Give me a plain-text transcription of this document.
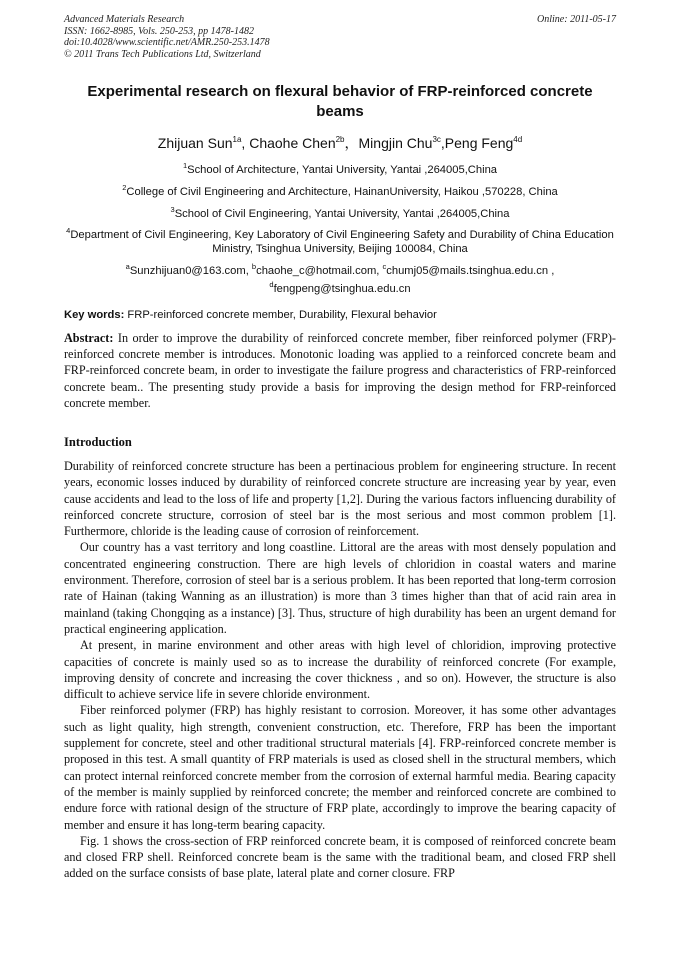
Advanced Materials Research
ISSN: 1662-8985, Vols. 250-253, pp 1478-1482
doi:10.4028/www.scientific.net/AMR.250-253.1478
© 2011 Trans Tech Publications Ltd, Switzerland
Online: 2011-05-17
Experimental research on flexural behavior of FRP-reinforced concrete beams
Zhijuan Sun$^{1a}$, Chaohe Chen$^{2b}$，Mingjin Chu$^{3c}$,Peng Feng$^{4d}$
$^1$School of Architecture, Yantai University, Yantai ,264005,China
$^2$College of Civil Engineering and Architecture, HainanUniversity, Haikou ,570228, China
$^3$School of Civil Engineering, Yantai University, Yantai ,264005,China
$^4$Department of Civil Engineering, Key Laboratory of Civil Engineering Safety and Durability of China Education Ministry, Tsinghua University, Beijing 100084, China
$^a$Sunzhijuan0@163.com, $^b$chaohe_c@hotmail.com, $^c$chumj05@mails.tsinghua.edu.cn ,
$^d$fengpeng@tsinghua.edu.cn
Key words: FRP-reinforced concrete member, Durability, Flexural behavior
Abstract: In order to improve the durability of reinforced concrete member, fiber reinforced polymer (FRP)-reinforced concrete member is introduces. Monotonic loading was applied to a reinforced concrete beam and FRP-reinforced concrete beam, in order to investigate the failure progress and characteristics of FRP-reinforced concrete beam.. The presenting study provide a basis for improving the design method for FRP-reinforced concrete member.
Introduction

Durability of reinforced concrete structure has been a pertinacious problem for engineering structure. In recent years, economic losses induced by durability of reinforced concrete structure are increasing year by year, even cause accidents and lead to the loss of life and property [1,2]. During the various factors influencing durability of reinforced concrete structure, corrosion of steel bar is the most serious and most common problem [1]. Furthermore, chloride is the leading cause of corrosion of reinforcement.

Our country has a vast territory and long coastline. Littoral are the areas with most densely population and concentrated engineering construction. There are high levels of chloridion in coastal waters and marine environment. Therefore, corrosion of steel bar is a serious problem. It has been reported that long-term corrosion rate of Hainan (taking Wanning as an illustration) is more than 3 times higher than that of acid rain area in mainland (taking Chongqing as a instance) [3]. Thus, structure of high durability has been an urgent demand for practical engineering application.

At present, in marine environment and other areas with high level of chloridion, improving protective capacities of concrete is mainly used so as to increase the durability of reinforced concrete (For example, improving density of concrete and increasing the cover thickness , and so on). However, the structure is also difficult to achieve service life in severe chloride environment.

Fiber reinforced polymer (FRP) has highly resistant to corrosion. Moreover, it has some other advantages such as light quality, high strength, convenient construction, etc. Therefore, FRP has been the important supplement for concrete, steel and other traditional structural materials [4]. FRP-reinforced concrete member is proposed in this test. A small quantity of FRP materials is used as closed shell in the structural members, which can protect internal reinforced concrete member from the corrosion of external harmful media. Bearing capacity of the member is mainly supplied by reinforced concrete; the member and reinforced concrete are combined to endure force with rational design of the structure of FRP plate, accordingly to improve the bearing capacity of member and ensure it has long-term bearing capacity.

Fig. 1 shows the cross-section of FRP reinforced concrete beam, it is composed of reinforced concrete beam and closed FRP shell. Reinforced concrete beam is the same with the traditional beam, and closed FRP shell added on the surface consists of base plate, lateral plate and corner closure. FRP
